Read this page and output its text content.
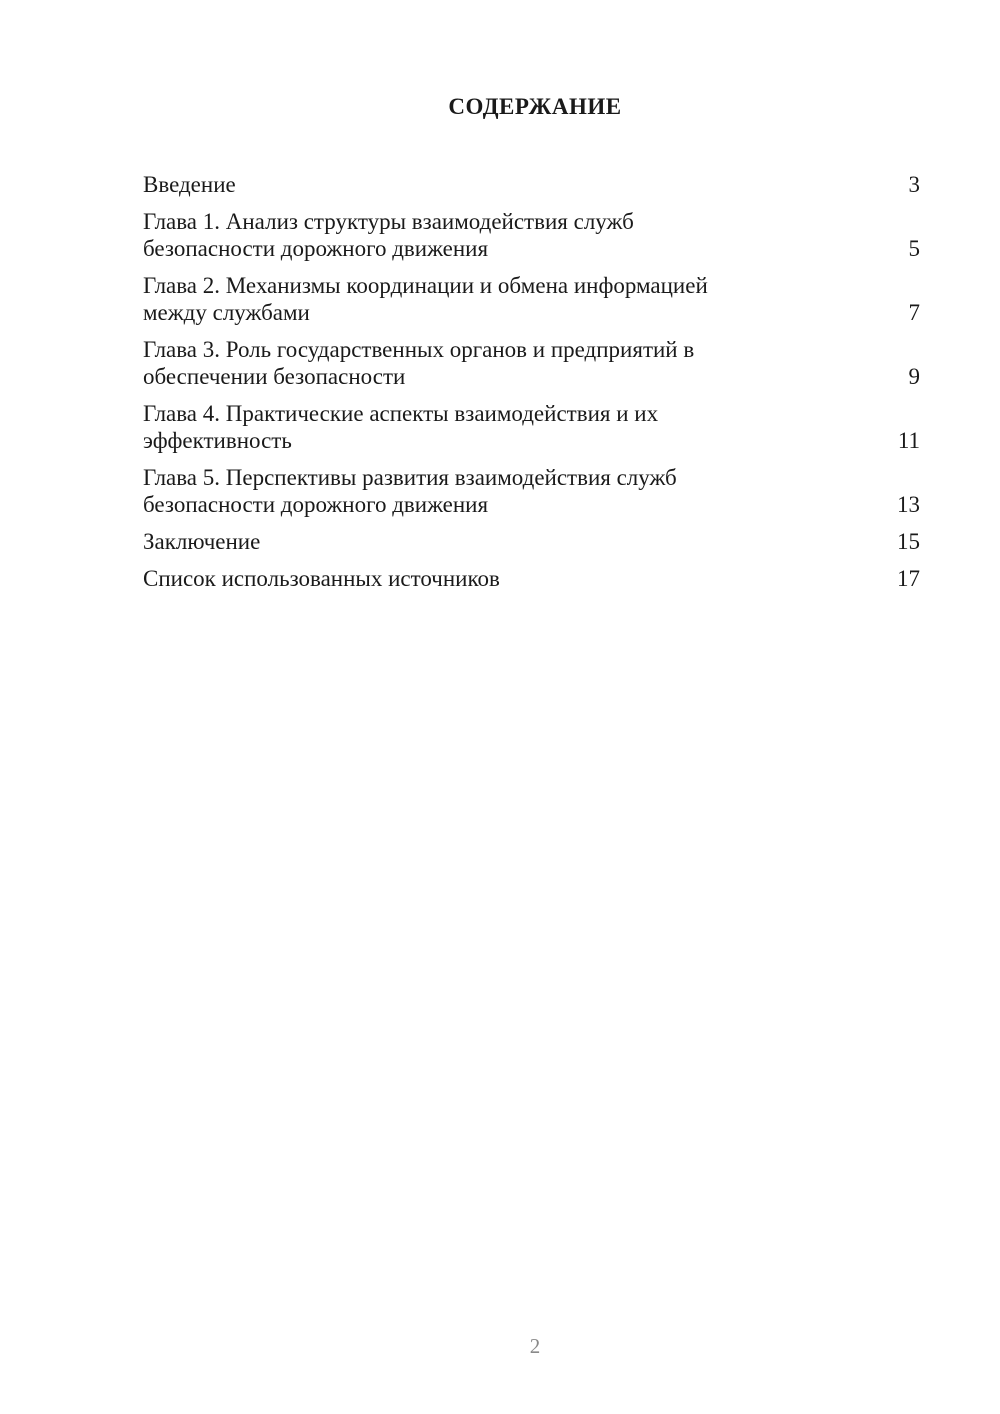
СОДЕРЖАНИЕ
Введение	3
Глава 1. Анализ структуры взаимодействия служб
безопасности дорожного движения	5
Глава 2. Механизмы координации и обмена информацией
между службами	7
Глава 3. Роль государственных органов и предприятий в
обеспечении безопасности	9
Глава 4. Практические аспекты взаимодействия и их
эффективность	11
Глава 5. Перспективы развития взаимодействия служб
безопасности дорожного движения	13
Заключение	15
Список использованных источников	17
2
